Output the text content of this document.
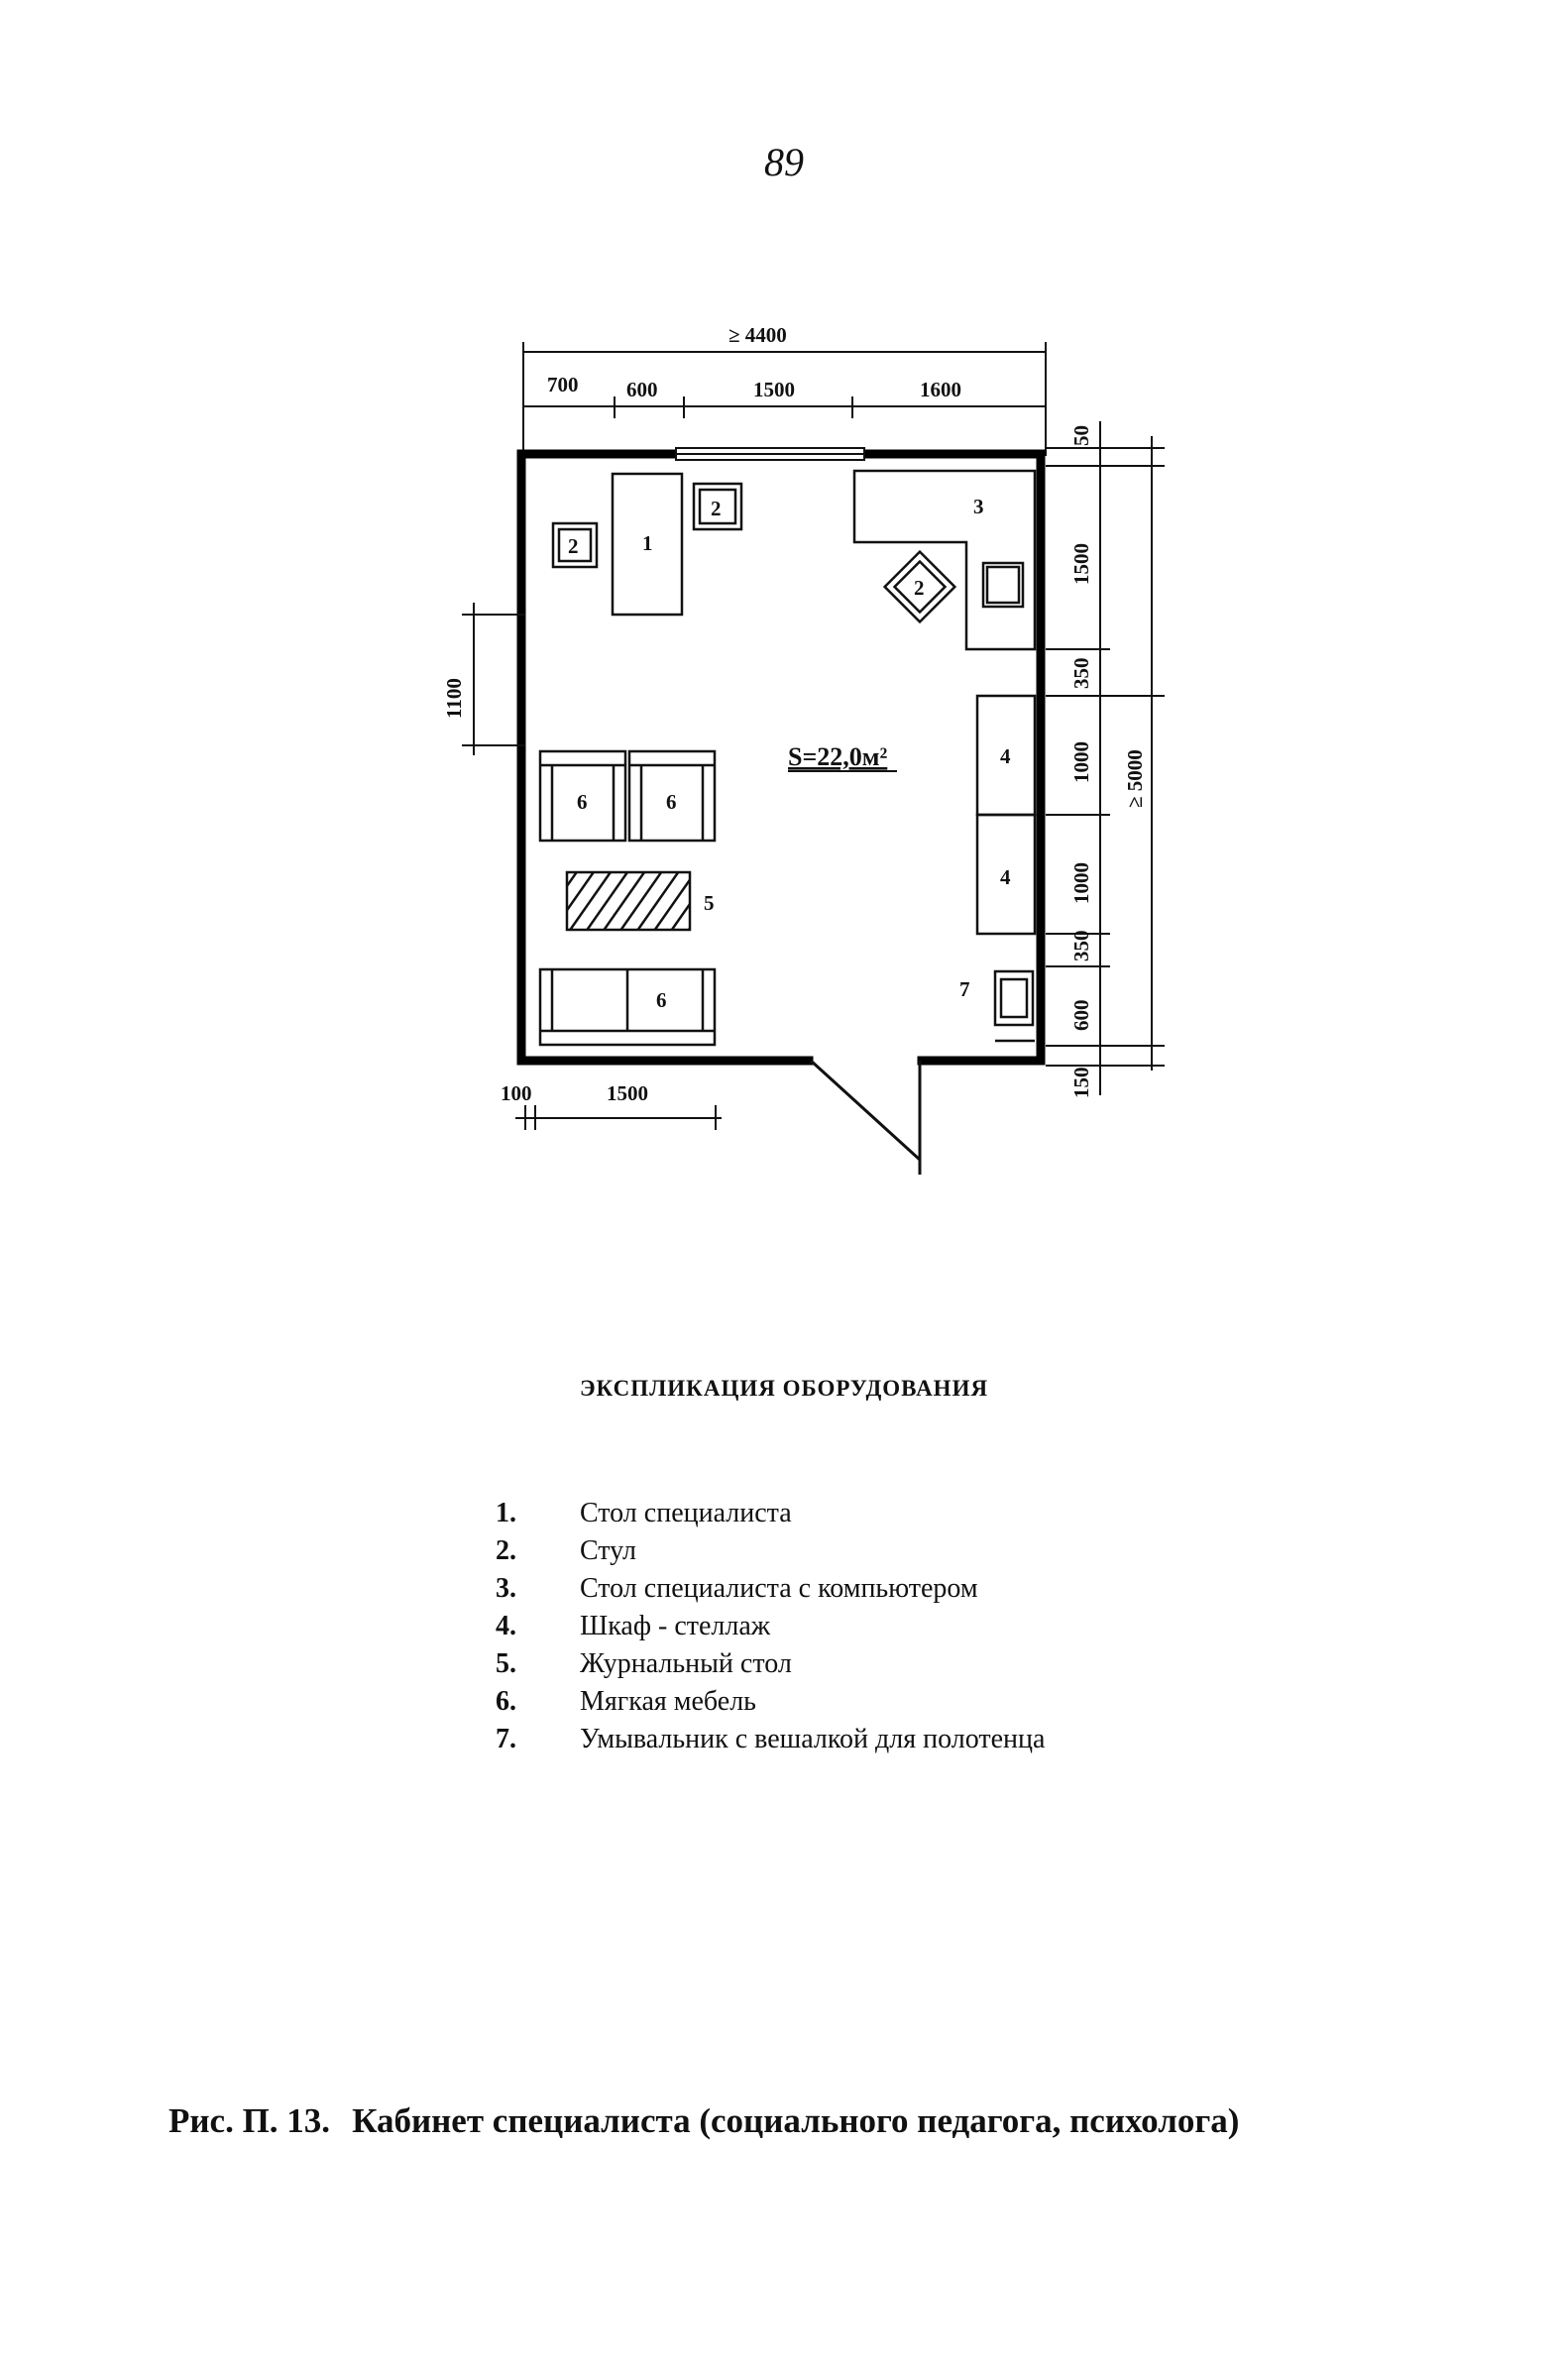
89
≥ 4400
700 600	1500	1600
1
2
2
2
3
4
4
5
6	6
6	7
S=22,0м²
1100
50
1500
350
1000
1000
350
600
150
≥ 5000
100	1500
ЭКСПЛИКАЦИЯ ОБОРУДОВАНИЯ
1.	Стол специалиста
2.	Стул
3.	Стол специалиста с компьютером
4.	Шкаф - стеллаж
5.	Журнальный стол
6.	Мягкая мебель
7.	Умывальник с вешалкой для полотенца
Рис. П. 13. Кабинет специалиста (социального педагога, психолога)
